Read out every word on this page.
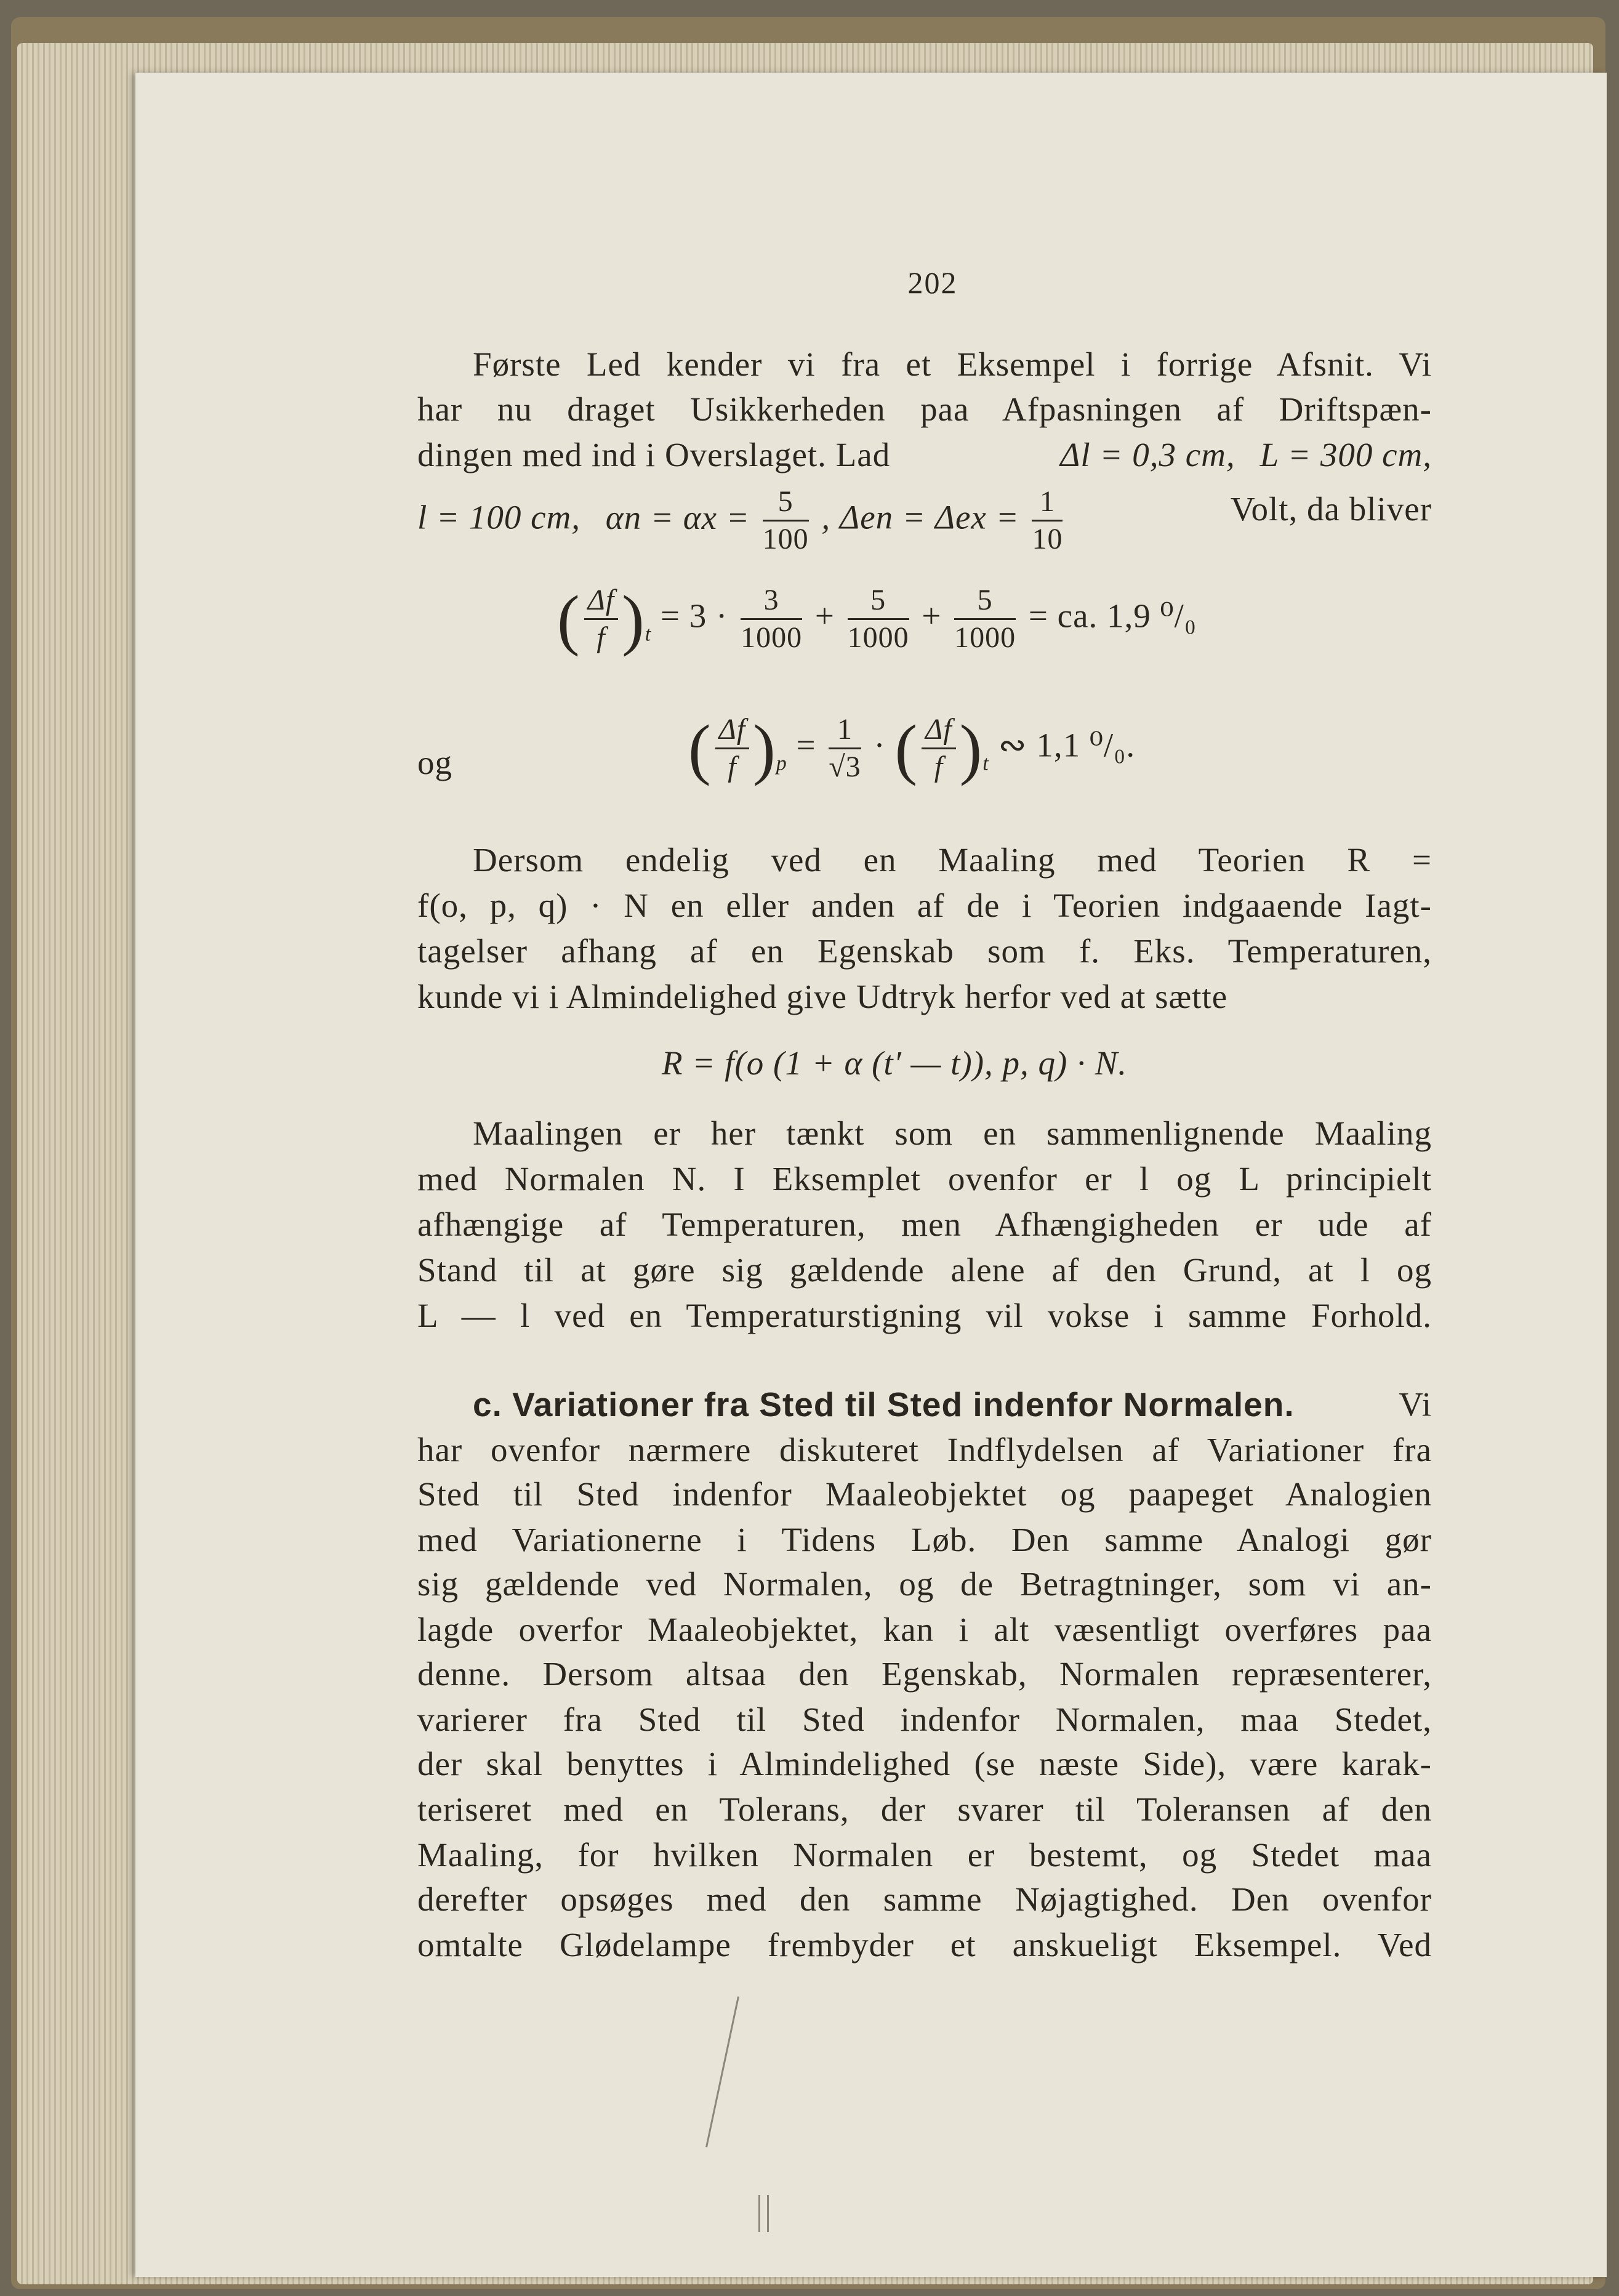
202
Første Led kender vi fra et Eksempel i forrige Afsnit. Vi
har nu draget Usikkerheden paa Afpasningen af Driftspæn-
dingen med ind i Overslaget. Lad	Δl = 0,3 cm, L = 300 cm,
l = 100 cm, $\alpha n = \alpha x = \frac{5}{100}$ , $\Delta en = \Delta ex = \frac{1}{10}$	Volt, da bliver
( $\frac{\Delta f}{f} )_t = 3 \cdot \frac{3}{1000} + \frac{5}{1000} + \frac{5}{1000}$ = ca. 1,9 ⁰/₀
og	( $\frac{\Delta f}{f} )_p = \frac{1}{√3}$ · ( $\frac{\Delta f}{f} )_t$ ∾ 1,1 ⁰/₀.
Dersom endelig ved en Maaling med Teorien R =
f(o, p, q) · N en eller anden af de i Teorien indgaaende Iagt-
tagelser afhang af en Egenskab som f. Eks. Temperaturen,
kunde vi i Almindelighed give Udtryk herfor ved at sætte
R = f(o (1 + α (t′ — t)), p, q) · N.
Maalingen er her tænkt som en sammenlignende Maaling
med Normalen N. I Eksemplet ovenfor er l og L principielt
afhængige af Temperaturen, men Afhængigheden er ude af
Stand til at gøre sig gældende alene af den Grund, at l og
L — l ved en Temperaturstigning vil vokse i samme Forhold.
c. Variationer fra Sted til Sted indenfor Normalen.	Vi
har ovenfor nærmere diskuteret Indflydelsen af Variationer fra
Sted til Sted indenfor Maaleobjektet og paapeget Analogien
med Variationerne i Tidens Løb. Den samme Analogi gør
sig gældende ved Normalen, og de Betragtninger, som vi an-
lagde overfor Maaleobjektet, kan i alt væsentligt overføres paa
denne. Dersom altsaa den Egenskab, Normalen repræsenterer,
varierer fra Sted til Sted indenfor Normalen, maa Stedet,
der skal benyttes i Almindelighed (se næste Side), være karak-
teriseret med en Tolerans, der svarer til Toleransen af den
Maaling, for hvilken Normalen er bestemt, og Stedet maa
derefter opsøges med den samme Nøjagtighed. Den ovenfor
omtalte Glødelampe frembyder et anskueligt Eksempel. Ved
